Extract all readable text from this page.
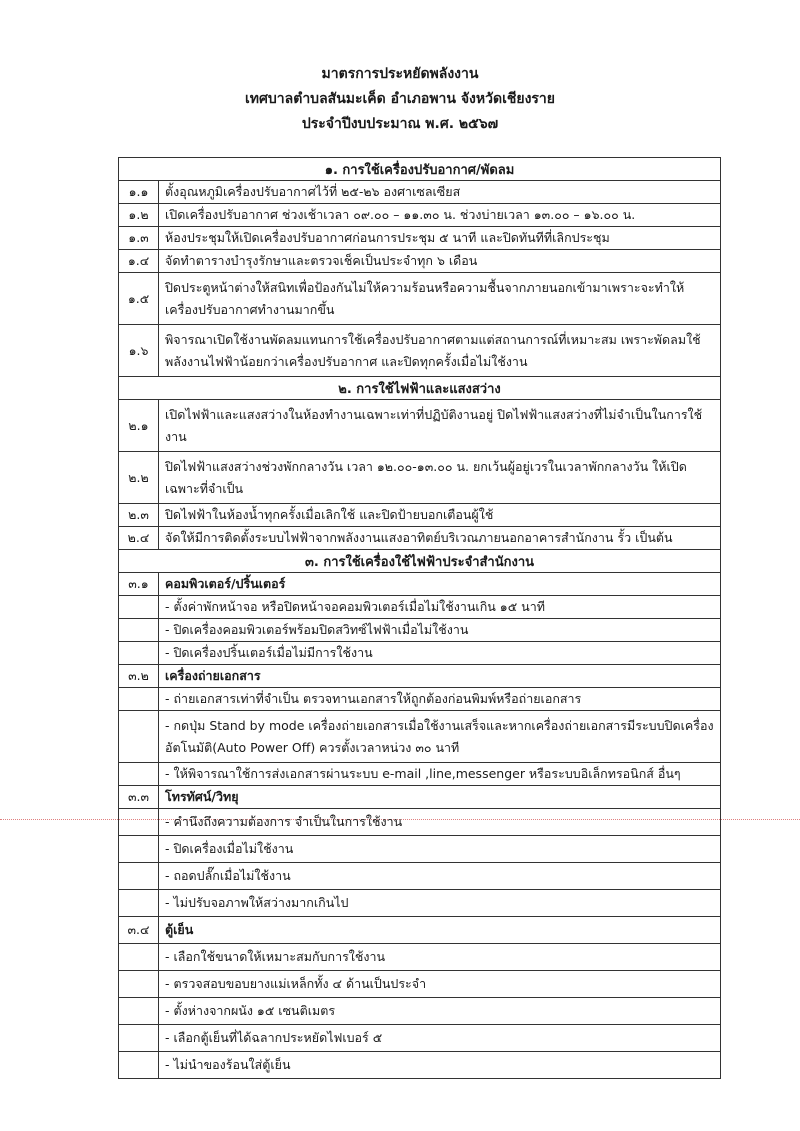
มาตรการประหยัดพลังงาน
เทศบาลตำบลสันมะเค็ด อำเภอพาน จังหวัดเชียงราย
ประจำปีงบประมาณ พ.ศ. ๒๕๖๗
๑. การใช้เครื่องปรับอากาศ/พัดลม	
๑.๑	ตั้งอุณหภูมิเครื่องปรับอากาศไว้ที่ ๒๕-๒๖ องศาเซลเซียส
๑.๒	เปิดเครื่องปรับอากาศ ช่วงเช้าเวลา ๐๙.๐๐ – ๑๑.๓๐ น. ช่วงบ่ายเวลา ๑๓.๐๐ – ๑๖.๐๐ น.
๑.๓	ห้องประชุมให้เปิดเครื่องปรับอากาศก่อนการประชุม ๕ นาที และปิดทันทีที่เลิกประชุม
๑.๔	จัดทำตารางบำรุงรักษาและตรวจเช็คเป็นประจำทุก ๖ เดือน
๑.๕	ปิดประตูหน้าต่างให้สนิทเพื่อป้องกันไม่ให้ความร้อนหรือความชื้นจากภายนอกเข้ามาเพราะจะทำให้เครื่องปรับอากาศทำงานมากขึ้น
๑.๖	พิจารณาเปิดใช้งานพัดลมแทนการใช้เครื่องปรับอากาศตามแต่สถานการณ์ที่เหมาะสม เพราะพัดลมใช้พลังงานไฟฟ้าน้อยกว่าเครื่องปรับอากาศ และปิดทุกครั้งเมื่อไม่ใช้งาน
๒. การใช้ไฟฟ้าและแสงสว่าง	
๒.๑	เปิดไฟฟ้าและแสงสว่างในห้องทำงานเฉพาะเท่าที่ปฏิบัติงานอยู่ ปิดไฟฟ้าแสงสว่างที่ไม่จำเป็นในการใช้งาน
๒.๒	ปิดไฟฟ้าแสงสว่างช่วงพักกลางวัน เวลา ๑๒.๐๐-๑๓.๐๐ น. ยกเว้นผู้อยู่เวรในเวลาพักกลางวัน ให้เปิดเฉพาะที่จำเป็น
๒.๓	ปิดไฟฟ้าในห้องน้ำทุกครั้งเมื่อเลิกใช้ และปิดป้ายบอกเตือนผู้ใช้
๒.๔	จัดให้มีการติดตั้งระบบไฟฟ้าจากพลังงานแสงอาทิตย์บริเวณภายนอกอาคารสำนักงาน รั้ว เป็นต้น
๓. การใช้เครื่องใช้ไฟฟ้าประจำสำนักงาน	
๓.๑	คอมพิวเตอร์/ปริ้นเตอร์
	- ตั้งค่าพักหน้าจอ หรือปิดหน้าจอคอมพิวเตอร์เมื่อไม่ใช้งานเกิน ๑๕ นาที
	- ปิดเครื่องคอมพิวเตอร์พร้อมปิดสวิทซ์ไฟฟ้าเมื่อไม่ใช้งาน
	- ปิดเครื่องปริ้นเตอร์เมื่อไม่มีการใช้งาน
๓.๒	เครื่องถ่ายเอกสาร
	- ถ่ายเอกสารเท่าที่จำเป็น ตรวจทานเอกสารให้ถูกต้องก่อนพิมพ์หรือถ่ายเอกสาร
	- กดปุ่ม Stand by mode เครื่องถ่ายเอกสารเมื่อใช้งานเสร็จและหากเครื่องถ่ายเอกสารมีระบบปิดเครื่องอัตโนมัติ(Auto Power Off) ควรตั้งเวลาหน่วง ๓๐ นาที
	- ให้พิจารณาใช้การส่งเอกสารผ่านระบบ e-mail ,line,messenger หรือระบบอิเล็กทรอนิกส์ อื่นๆ
๓.๓	โทรทัศน์/วิทยุ
	- คำนึงถึงความต้องการ จำเป็นในการใช้งาน
	- ปิดเครื่องเมื่อไม่ใช้งาน
	- ถอดปลั๊กเมื่อไม่ใช้งาน
	- ไม่ปรับจอภาพให้สว่างมากเกินไป
๓.๔	ตู้เย็น
	- เลือกใช้ขนาดให้เหมาะสมกับการใช้งาน
	- ตรวจสอบขอบยางแม่เหล็กทั้ง ๔ ด้านเป็นประจำ
	- ตั้งห่างจากผนัง ๑๕ เซนติเมตร
	- เลือกตู้เย็นที่ได้ฉลากประหยัดไฟเบอร์ ๕
	- ไม่นำของร้อนใส่ตู้เย็น
